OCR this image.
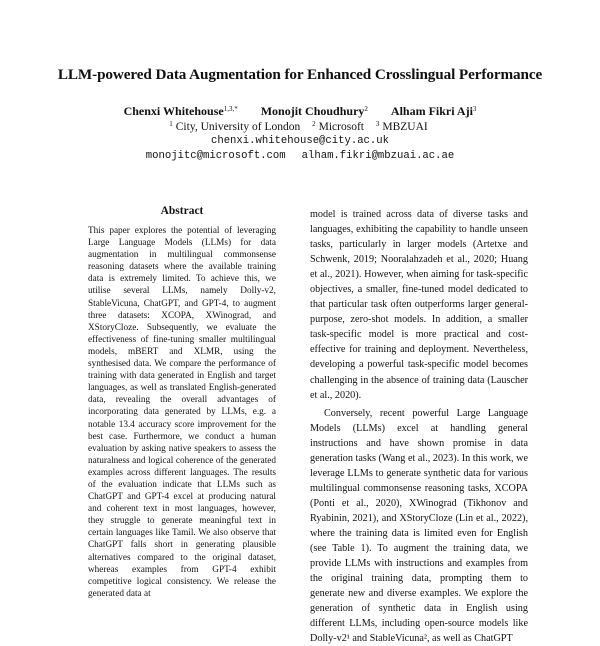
LLM-powered Data Augmentation for Enhanced Crosslingual Performance
Chenxi Whitehouse$^{1,3,*}$ Monojit Choudhury$^2$ Alham Fikri Aji$^3$
$^1$ City, University of London $^2$ Microsoft $^3$ MBZUAI
chenxi.whitehouse@city.ac.uk
monojitc@microsoft.com alham.fikri@mbzuai.ac.ae
Abstract
This paper explores the potential of leveraging Large Language Models (LLMs) for data augmentation in multilingual commonsense reasoning datasets where the available training data is extremely limited. To achieve this, we utilise several LLMs, namely Dolly-v2, StableVicuna, ChatGPT, and GPT-4, to augment three datasets: XCOPA, XWinograd, and XStoryCloze. Subsequently, we evaluate the effectiveness of fine-tuning smaller multilingual models, mBERT and XLMR, using the synthesised data. We compare the performance of training with data generated in English and target languages, as well as translated English-generated data, revealing the overall advantages of incorporating data generated by LLMs, e.g. a notable 13.4 accuracy score improvement for the best case. Furthermore, we conduct a human evaluation by asking native speakers to assess the naturalness and logical coherence of the generated examples across different languages. The results of the evaluation indicate that LLMs such as ChatGPT and GPT-4 excel at producing natural and coherent text in most languages, however, they struggle to generate meaningful text in certain languages like Tamil. We also observe that ChatGPT falls short in generating plausible alternatives compared to the original dataset, whereas examples from GPT-4 exhibit competitive logical consistency. We release the generated data at

model is trained across data of diverse tasks and languages, exhibiting the capability to handle unseen tasks, particularly in larger models (Artetxe and Schwenk, 2019; Nooralahzadeh et al., 2020; Huang et al., 2021). However, when aiming for task-specific objectives, a smaller, fine-tuned model dedicated to that particular task often outperforms larger general-purpose, zero-shot models. In addition, a smaller task-specific model is more practical and cost-effective for training and deployment. Nevertheless, developing a powerful task-specific model becomes challenging in the absence of training data (Lauscher et al., 2020).

Conversely, recent powerful Large Language Models (LLMs) excel at handling general instructions and have shown promise in data generation tasks (Wang et al., 2023). In this work, we leverage LLMs to generate synthetic data for various multilingual commonsense reasoning tasks, XCOPA (Ponti et al., 2020), XWinograd (Tikhonov and Ryabinin, 2021), and XStoryCloze (Lin et al., 2022), where the training data is limited even for English (see Table 1). To augment the training data, we provide LLMs with instructions and examples from the original training data, prompting them to generate new and diverse examples. We explore the generation of synthetic data in English using different LLMs, including open-source models like Dolly-v2¹ and StableVicuna², as well as ChatGPT
